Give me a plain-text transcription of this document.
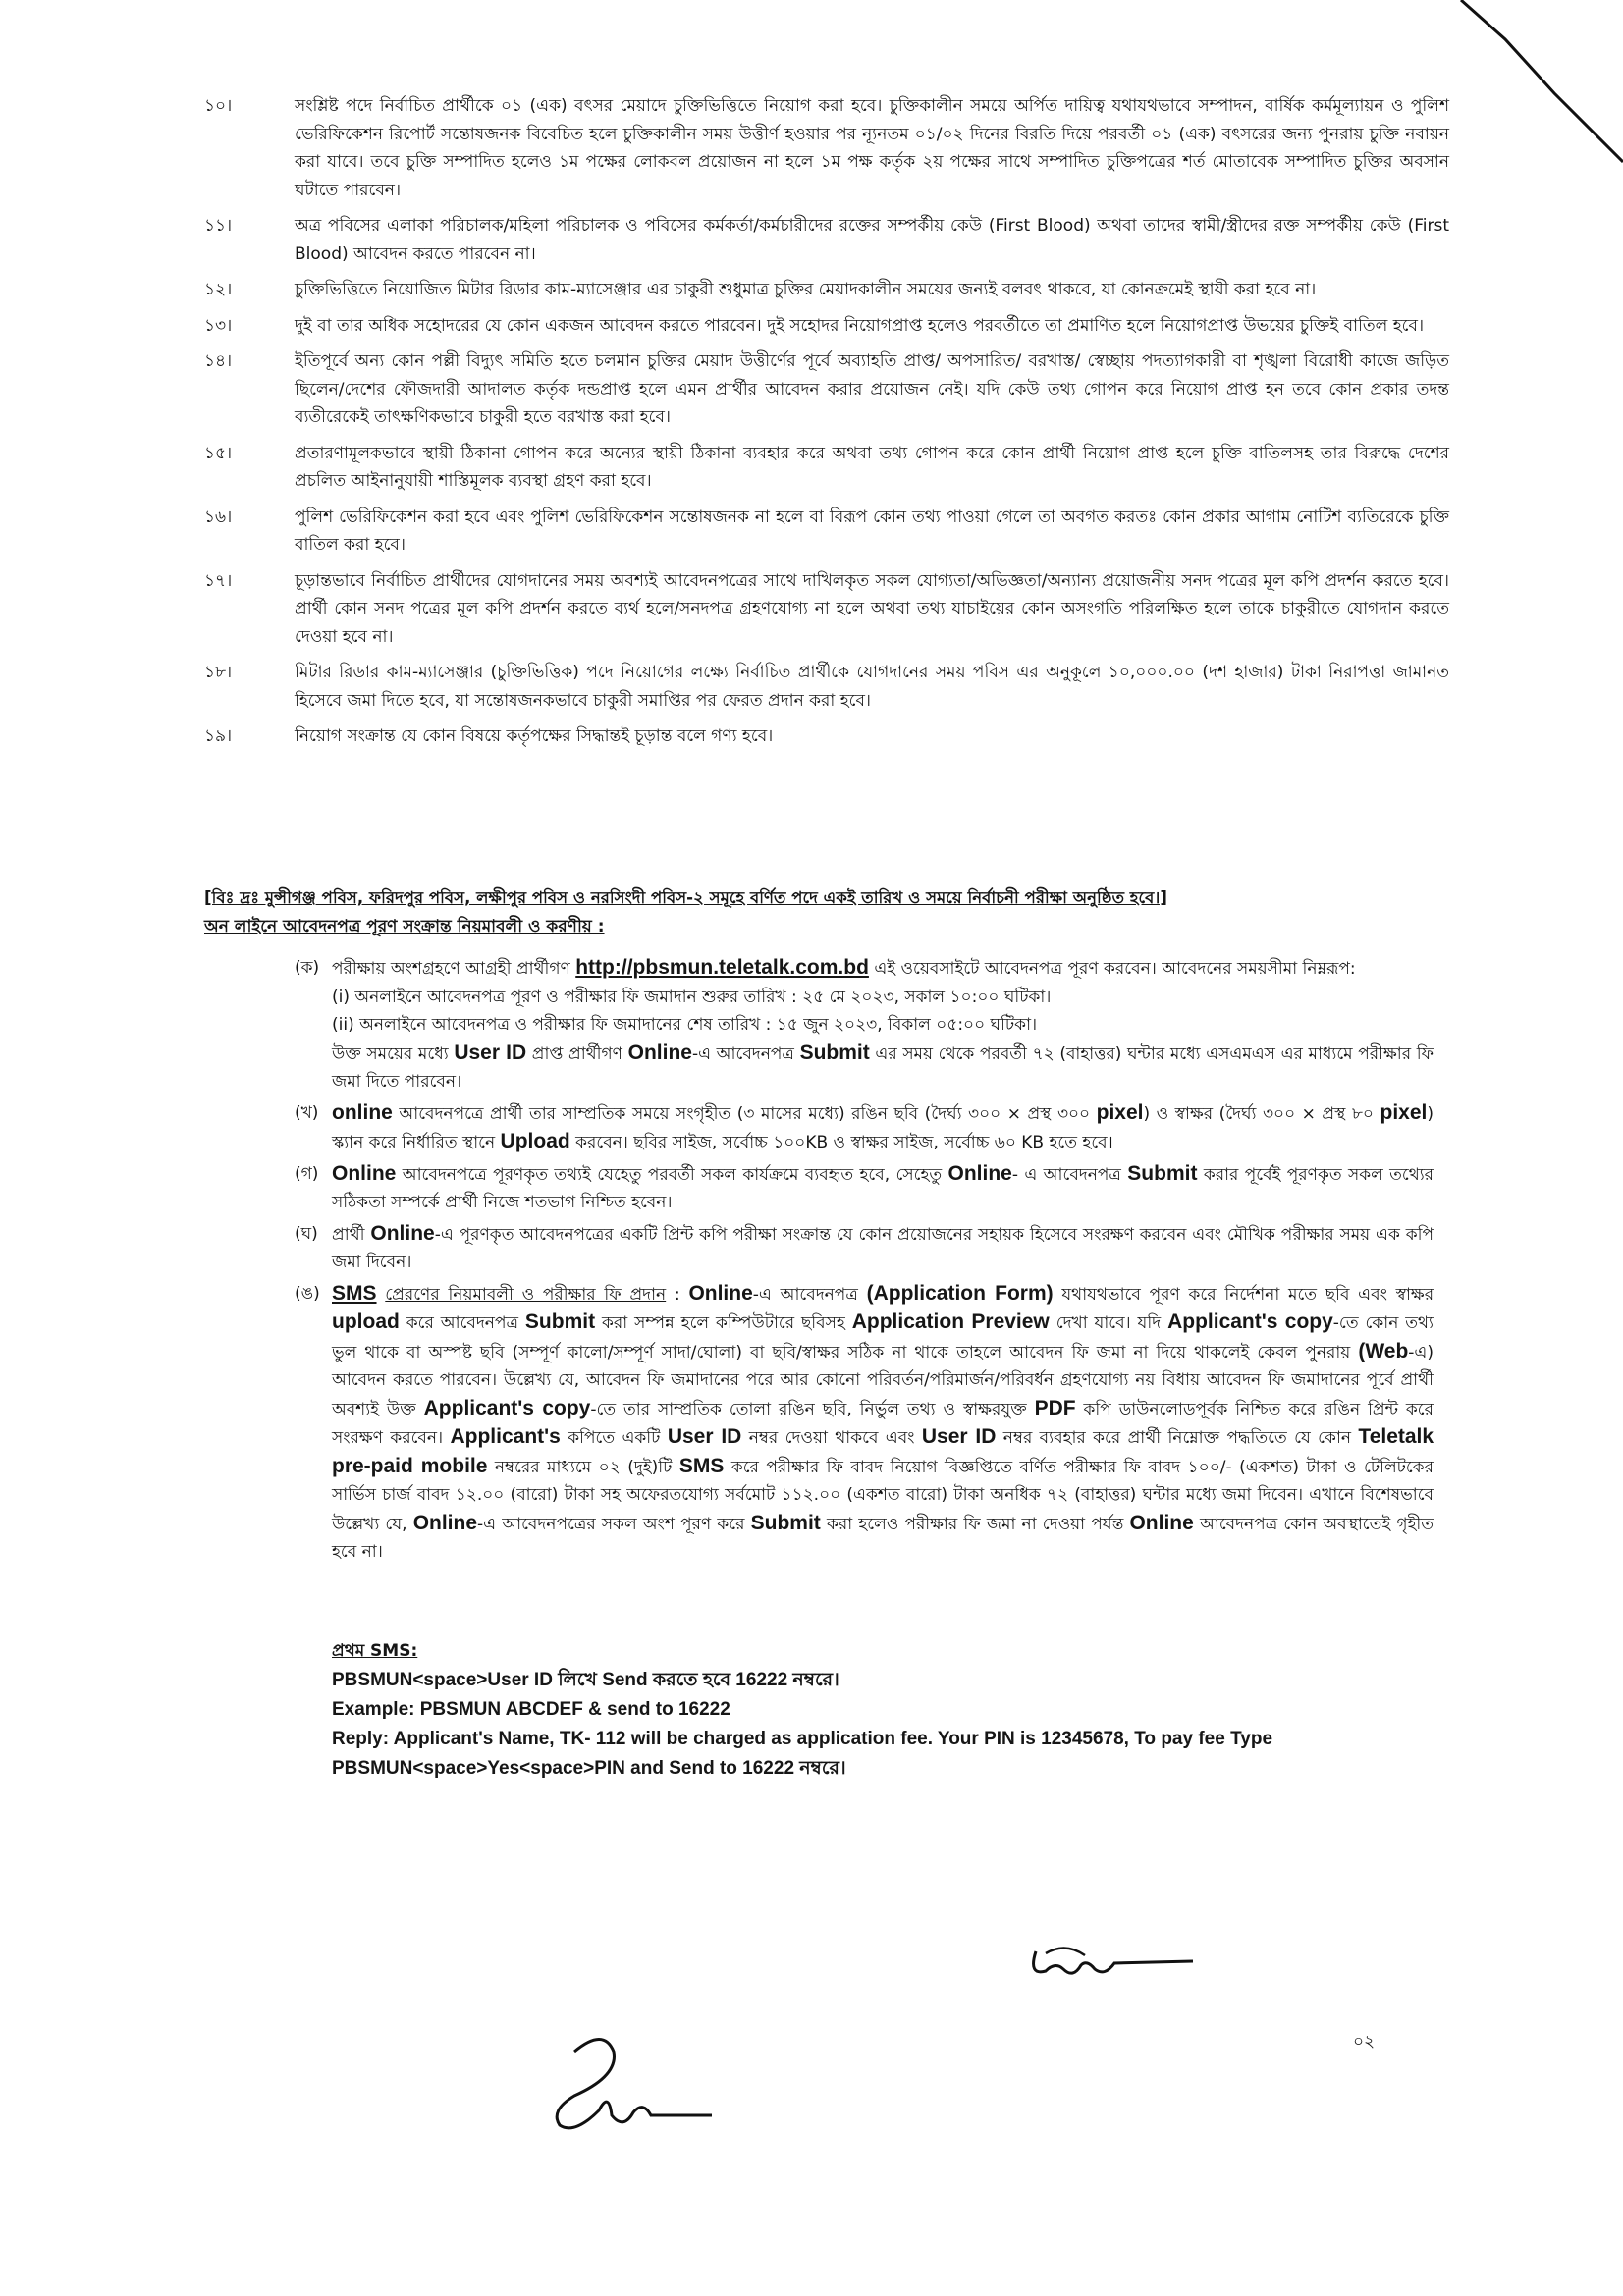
১০।	সংশ্লিষ্ট পদে নির্বাচিত প্রার্থীকে ০১ (এক) বৎসর মেয়াদে চুক্তিভিত্তিতে নিয়োগ করা হবে। চুক্তিকালীন সময়ে অর্পিত দায়িত্ব যথাযথভাবে সম্পাদন, বার্ষিক কর্মমূল্যায়ন ও পুলিশ ভেরিফিকেশন রিপোর্ট সন্তোষজনক বিবেচিত হলে চুক্তিকালীন সময় উত্তীর্ণ হওয়ার পর ন্যূনতম ০১/০২ দিনের বিরতি দিয়ে পরবর্তী ০১ (এক) বৎসরের জন্য পুনরায় চুক্তি নবায়ন করা যাবে। তবে চুক্তি সম্পাদিত হলেও ১ম পক্ষের লোকবল প্রয়োজন না হলে ১ম পক্ষ কর্তৃক ২য় পক্ষের সাথে সম্পাদিত চুক্তিপত্রের শর্ত মোতাবেক সম্পাদিত চুক্তির অবসান ঘটাতে পারবেন।
১১।	অত্র পবিসের এলাকা পরিচালক/মহিলা পরিচালক ও পবিসের কর্মকর্তা/কর্মচারীদের রক্তের সম্পর্কীয় কেউ (First Blood) অথবা তাদের স্বামী/স্ত্রীদের রক্ত সম্পর্কীয় কেউ (First Blood) আবেদন করতে পারবেন না।
১২।	চুক্তিভিত্তিতে নিয়োজিত মিটার রিডার কাম-ম্যাসেঞ্জার এর চাকুরী শুধুমাত্র চুক্তির মেয়াদকালীন সময়ের জন্যই বলবৎ থাকবে, যা কোনক্রমেই স্থায়ী করা হবে না।
১৩।	দুই বা তার অধিক সহোদরের যে কোন একজন আবেদন করতে পারবেন। দুই সহোদর নিয়োগপ্রাপ্ত হলেও পরবর্তীতে তা প্রমাণিত হলে নিয়োগপ্রাপ্ত উভয়ের চুক্তিই বাতিল হবে।
১৪।	ইতিপূর্বে অন্য কোন পল্লী বিদ্যুৎ সমিতি হতে চলমান চুক্তির মেয়াদ উত্তীর্ণের পূর্বে অব্যাহতি প্রাপ্ত/ অপসারিত/ বরখাস্ত/ স্বেচ্ছায় পদত্যাগকারী বা শৃঙ্খলা বিরোধী কাজে জড়িত ছিলেন/দেশের ফৌজদারী আদালত কর্তৃক দন্ডপ্রাপ্ত হলে এমন প্রার্থীর আবেদন করার প্রয়োজন নেই। যদি কেউ তথ্য গোপন করে নিয়োগ প্রাপ্ত হন তবে কোন প্রকার তদন্ত ব্যতীরেকেই তাৎক্ষণিকভাবে চাকুরী হতে বরখাস্ত করা হবে।
১৫।	প্রতারণামূলকভাবে স্থায়ী ঠিকানা গোপন করে অন্যের স্থায়ী ঠিকানা ব্যবহার করে অথবা তথ্য গোপন করে কোন প্রার্থী নিয়োগ প্রাপ্ত হলে চুক্তি বাতিলসহ তার বিরুদ্ধে দেশের প্রচলিত আইনানুযায়ী শাস্তিমূলক ব্যবস্থা গ্রহণ করা হবে।
১৬।	পুলিশ ভেরিফিকেশন করা হবে এবং পুলিশ ভেরিফিকেশন সন্তোষজনক না হলে বা বিরূপ কোন তথ্য পাওয়া গেলে তা অবগত করতঃ কোন প্রকার আগাম নোটিশ ব্যতিরেকে চুক্তি বাতিল করা হবে।
১৭।	চূড়ান্তভাবে নির্বাচিত প্রার্থীদের যোগদানের সময় অবশ্যই আবেদনপত্রের সাথে দাখিলকৃত সকল যোগ্যতা/অভিজ্ঞতা/অন্যান্য প্রয়োজনীয় সনদ পত্রের মূল কপি প্রদর্শন করতে হবে। প্রার্থী কোন সনদ পত্রের মূল কপি প্রদর্শন করতে ব্যর্থ হলে/সনদপত্র গ্রহণযোগ্য না হলে অথবা তথ্য যাচাইয়ের কোন অসংগতি পরিলক্ষিত হলে তাকে চাকুরীতে যোগদান করতে দেওয়া হবে না।
১৮।	মিটার রিডার কাম-ম্যাসেঞ্জার (চুক্তিভিত্তিক) পদে নিয়োগের লক্ষ্যে নির্বাচিত প্রার্থীকে যোগদানের সময় পবিস এর অনুকূলে ১০,০০০.০০ (দশ হাজার) টাকা নিরাপত্তা জামানত হিসেবে জমা দিতে হবে, যা সন্তোষজনকভাবে চাকুরী সমাপ্তির পর ফেরত প্রদান করা হবে।
১৯।	নিয়োগ সংক্রান্ত যে কোন বিষয়ে কর্তৃপক্ষের সিদ্ধান্তই চূড়ান্ত বলে গণ্য হবে।
[বিঃ দ্রঃ মুন্সীগঞ্জ পবিস, ফরিদপুর পবিস, লক্ষীপুর পবিস ও নরসিংদী পবিস-২ সমূহে বর্ণিত পদে একই তারিখ ও সময়ে নির্বাচনী পরীক্ষা অনুষ্ঠিত হবে।]
অন লাইনে আবেদনপত্র পূরণ সংক্রান্ত নিয়মাবলী ও করণীয় :
(ক) পরীক্ষায় অংশগ্রহণে আগ্রহী প্রার্থীগণ http://pbsmun.teletalk.com.bd এই ওয়েবসাইটে আবেদনপত্র পূরণ করবেন। আবেদনের সময়সীমা নিম্নরূপ:
(i) অনলাইনে আবেদনপত্র পূরণ ও পরীক্ষার ফি জমাদান শুরুর তারিখ : ২৫ মে ২০২৩, সকাল ১০:০০ ঘটিকা।
(ii) অনলাইনে আবেদনপত্র ও পরীক্ষার ফি জমাদানের শেষ তারিখ : ১৫ জুন ২০২৩, বিকাল ০৫:০০ ঘটিকা।
উক্ত সময়ের মধ্যে User ID প্রাপ্ত প্রার্থীগণ Online-এ আবেদনপত্র Submit এর সময় থেকে পরবর্তী ৭২ (বাহাত্তর) ঘন্টার মধ্যে এসএমএস এর মাধ্যমে পরীক্ষার ফি জমা দিতে পারবেন।
(খ) online আবেদনপত্রে প্রার্থী তার সাম্প্রতিক সময়ে সংগৃহীত (৩ মাসের মধ্যে) রঙিন ছবি (দৈর্ঘ্য ৩০০ × প্রস্থ ৩০০ pixel) ও স্বাক্ষর (দৈর্ঘ্য ৩০০ × প্রস্থ ৮০ pixel) স্ক্যান করে নির্ধারিত স্থানে Upload করবেন। ছবির সাইজ, সর্বোচ্চ ১০০KB ও স্বাক্ষর সাইজ, সর্বোচ্চ ৬০ KB হতে হবে।
(গ) Online আবেদনপত্রে পূরণকৃত তথ্যই যেহেতু পরবর্তী সকল কার্যক্রমে ব্যবহৃত হবে, সেহেতু Online- এ আবেদনপত্র Submit করার পূর্বেই পূরণকৃত সকল তথ্যের সঠিকতা সম্পর্কে প্রার্থী নিজে শতভাগ নিশ্চিত হবেন।
(ঘ) প্রার্থী Online-এ পূরণকৃত আবেদনপত্রের একটি প্রিন্ট কপি পরীক্ষা সংক্রান্ত যে কোন প্রয়োজনের সহায়ক হিসেবে সংরক্ষণ করবেন এবং মৌখিক পরীক্ষার সময় এক কপি জমা দিবেন।
(ঙ) SMS প্রেরণের নিয়মাবলী ও পরীক্ষার ফি প্রদান : Online-এ আবেদনপত্র (Application Form) যথাযথভাবে পূরণ করে নির্দেশনা মতে ছবি এবং স্বাক্ষর upload করে আবেদনপত্র Submit করা সম্পন্ন হলে কম্পিউটারে ছবিসহ Application Preview দেখা যাবে। যদি Applicant's copy-তে কোন তথ্য ভুল থাকে বা অস্পষ্ট ছবি (সম্পূর্ণ কালো/সম্পূর্ণ সাদা/ঘোলা) বা ছবি/স্বাক্ষর সঠিক না থাকে তাহলে আবেদন ফি জমা না দিয়ে থাকলেই কেবল পুনরায় (Web-এ) আবেদন করতে পারবেন। উল্লেখ্য যে, আবেদন ফি জমাদানের পরে আর কোনো পরিবর্তন/পরিমার্জন/পরিবর্ধন গ্রহণযোগ্য নয় বিধায় আবেদন ফি জমাদানের পূর্বে প্রার্থী অবশ্যই উক্ত Applicant's copy-তে তার সাম্প্রতিক তোলা রঙিন ছবি, নির্ভুল তথ্য ও স্বাক্ষরযুক্ত PDF কপি ডাউনলোডপূর্বক নিশ্চিত করে রঙিন প্রিন্ট করে সংরক্ষণ করবেন। Applicant's কপিতে একটি User ID নম্বর দেওয়া থাকবে এবং User ID নম্বর ব্যবহার করে প্রার্থী নিম্নোক্ত পদ্ধতিতে যে কোন Teletalk pre-paid mobile নম্বরের মাধ্যমে ০২ (দুই)টি SMS করে পরীক্ষার ফি বাবদ নিয়োগ বিজ্ঞপ্তিতে বর্ণিত পরীক্ষার ফি বাবদ ১০০/- (একশত) টাকা ও টেলিটকের সার্ভিস চার্জ বাবদ ১২.০০ (বারো) টাকা সহ অফেরতযোগ্য সর্বমোট ১১২.০০ (একশত বারো) টাকা অনধিক ৭২ (বাহাত্তর) ঘন্টার মধ্যে জমা দিবেন। এখানে বিশেষভাবে উল্লেখ্য যে, Online-এ আবেদনপত্রের সকল অংশ পূরণ করে Submit করা হলেও পরীক্ষার ফি জমা না দেওয়া পর্যন্ত Online আবেদনপত্র কোন অবস্থাতেই গৃহীত হবে না।
প্রথম SMS:
PBSMUN<space>User ID লিখে Send করতে হবে 16222 নম্বরে।
Example: PBSMUN ABCDEF & send to 16222
Reply: Applicant's Name, TK- 112 will be charged as application fee. Your PIN is 12345678, To pay fee Type PBSMUN<space>Yes<space>PIN and Send to 16222 নম্বরে।
০২
